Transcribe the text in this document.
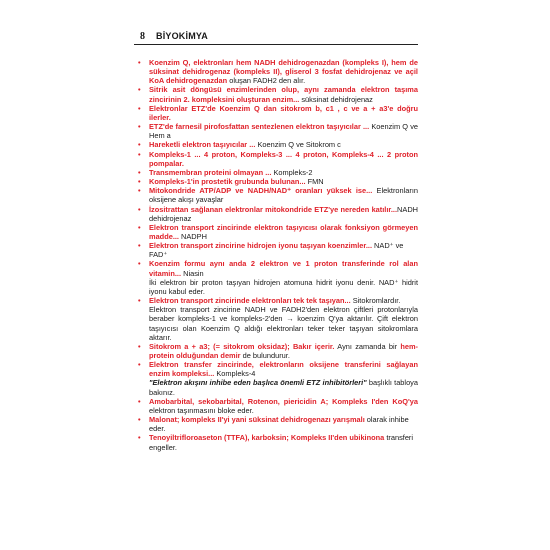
8 BİYOKİMYA
• Koenzim Q, elektronları hem NADH dehidrogenazdan (kompleks I), hem de süksinat dehidrogenaz (kompleks II), gliserol 3 fosfat dehidrojenaz ve açil KoA dehidrogenazdan oluşan FADH2 den alır.
• Sitrik asit döngüsü enzimlerinden olup, aynı zamanda elektron taşıma zincirinin 2. kompleksini oluşturan enzim... süksinat dehidrojenaz
• Elektronlar ETZ'de Koenzim Q dan sitokrom b, c1 , c ve a + a3'e doğru ilerler.
• ETZ'de farnesil pirofosfattan sentezlenen elektron taşıyıcılar ... Koenzim Q ve Hem a
• Hareketli elektron taşıyıcılar ... Koenzim Q ve Sitokrom c
• Kompleks-1 ... 4 proton, Kompleks-3 ... 4 proton, Kompleks-4 ... 2 proton pompalar.
• Transmembran proteini olmayan ... Kompleks-2
• Kompleks-1'in prostetik grubunda bulunan... FMN
• Mitokondride ATP/ADP ve NADH/NAD⁺ oranları yüksek ise... Elektronların oksijene akışı yavaşlar
• İzositrattan sağlanan elektronlar mitokondride ETZ'ye nereden katılır...NADH dehidrojenaz
• Elektron transport zincirinde elektron taşıyıcısı olarak fonksiyon görmeyen madde... NADPH
• Elektron transport zincirine hidrojen iyonu taşıyan koenzimler... NAD⁺ ve FAD⁺
• Koenzim formu aynı anda 2 elektron ve 1 proton transferinde rol alan vitamin... Niasin
İki elektron bir proton taşıyan hidrojen atomuna hidrit iyonu denir. NAD⁺ hidrit iyonu kabul eder.
• Elektron transport zincirinde elektronları tek tek taşıyan... Sitokromlardır.
Elektron transport zincirine NADH ve FADH2'den elektron çiftleri protonlarıyla beraber kompleks-1 ve kompleks-2'den → koenzim Q'ya aktarılır. Çift elektron taşıyıcısı olan Koenzim Q aldığı elektronları teker teker taşıyan sitokromlara aktarır.
• Sitokrom a + a3; (= sitokrom oksidaz); Bakır içerir. Aynı zamanda bir hem-protein olduğundan demir de bulundurur.
• Elektron transfer zincirinde, elektronların oksijene transferini sağlayan enzim kompleksi... Kompleks-4
"Elektron akışını inhibe eden başlıca önemli ETZ inhibitörleri" başlıklı tabloya bakınız.
• Amobarbital, sekobarbital, Rotenon, piericidin A; Kompleks I'den KoQ'ya elektron taşınmasını bloke eder.
• Malonat; kompleks II'yi yani süksinat dehidrogenazı yarışmalı olarak inhibe eder.
• Tenoyiltrifloroaseton (TTFA), karboksin; Kompleks II'den ubikinona transferi engeller.
